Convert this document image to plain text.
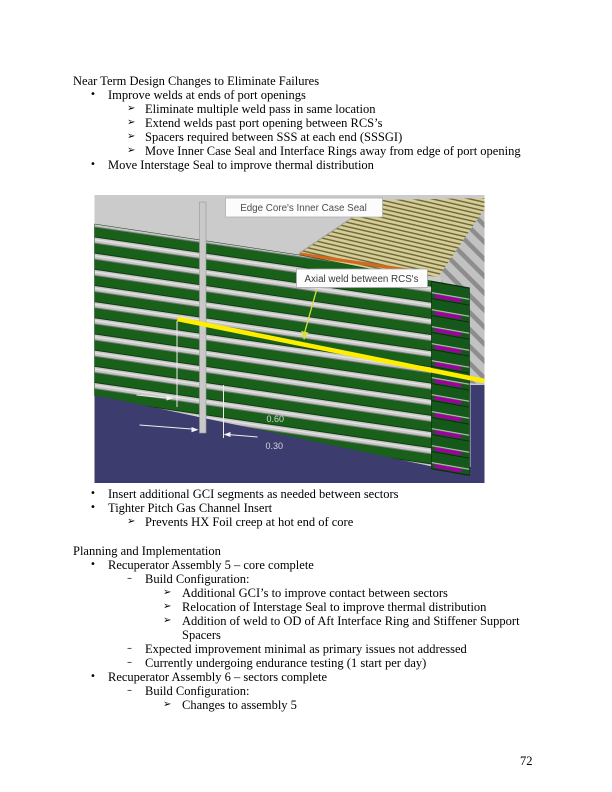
Near Term Design Changes to Eliminate Failures
• Improve welds at ends of port openings
➢ Eliminate multiple weld pass in same location
➢ Extend welds past port opening between RCS’s
➢ Spacers required between SSS at each end (SSSGI)
➢ Move Inner Case Seal and Interface Rings away from edge of port opening
• Move Interstage Seal to improve thermal distribution
0.60
0.30
Edge Core's Inner Case Seal
Axial weld between RCS's
• Insert additional GCI segments as needed between sectors
• Tighter Pitch Gas Channel Insert
➢ Prevents HX Foil creep at hot end of core
Planning and Implementation
• Recuperator Assembly 5 – core complete
–	Build Configuration:
➢ Additional GCI’s to improve contact between sectors
➢ Relocation of Interstage Seal to improve thermal distribution
➢ Addition of weld to OD of Aft Interface Ring and Stiffener Support Spacers
–	Expected improvement minimal as primary issues not addressed
–	Currently undergoing endurance testing (1 start per day)
• Recuperator Assembly 6 – sectors complete
–	Build Configuration:
➢ Changes to assembly 5
72
